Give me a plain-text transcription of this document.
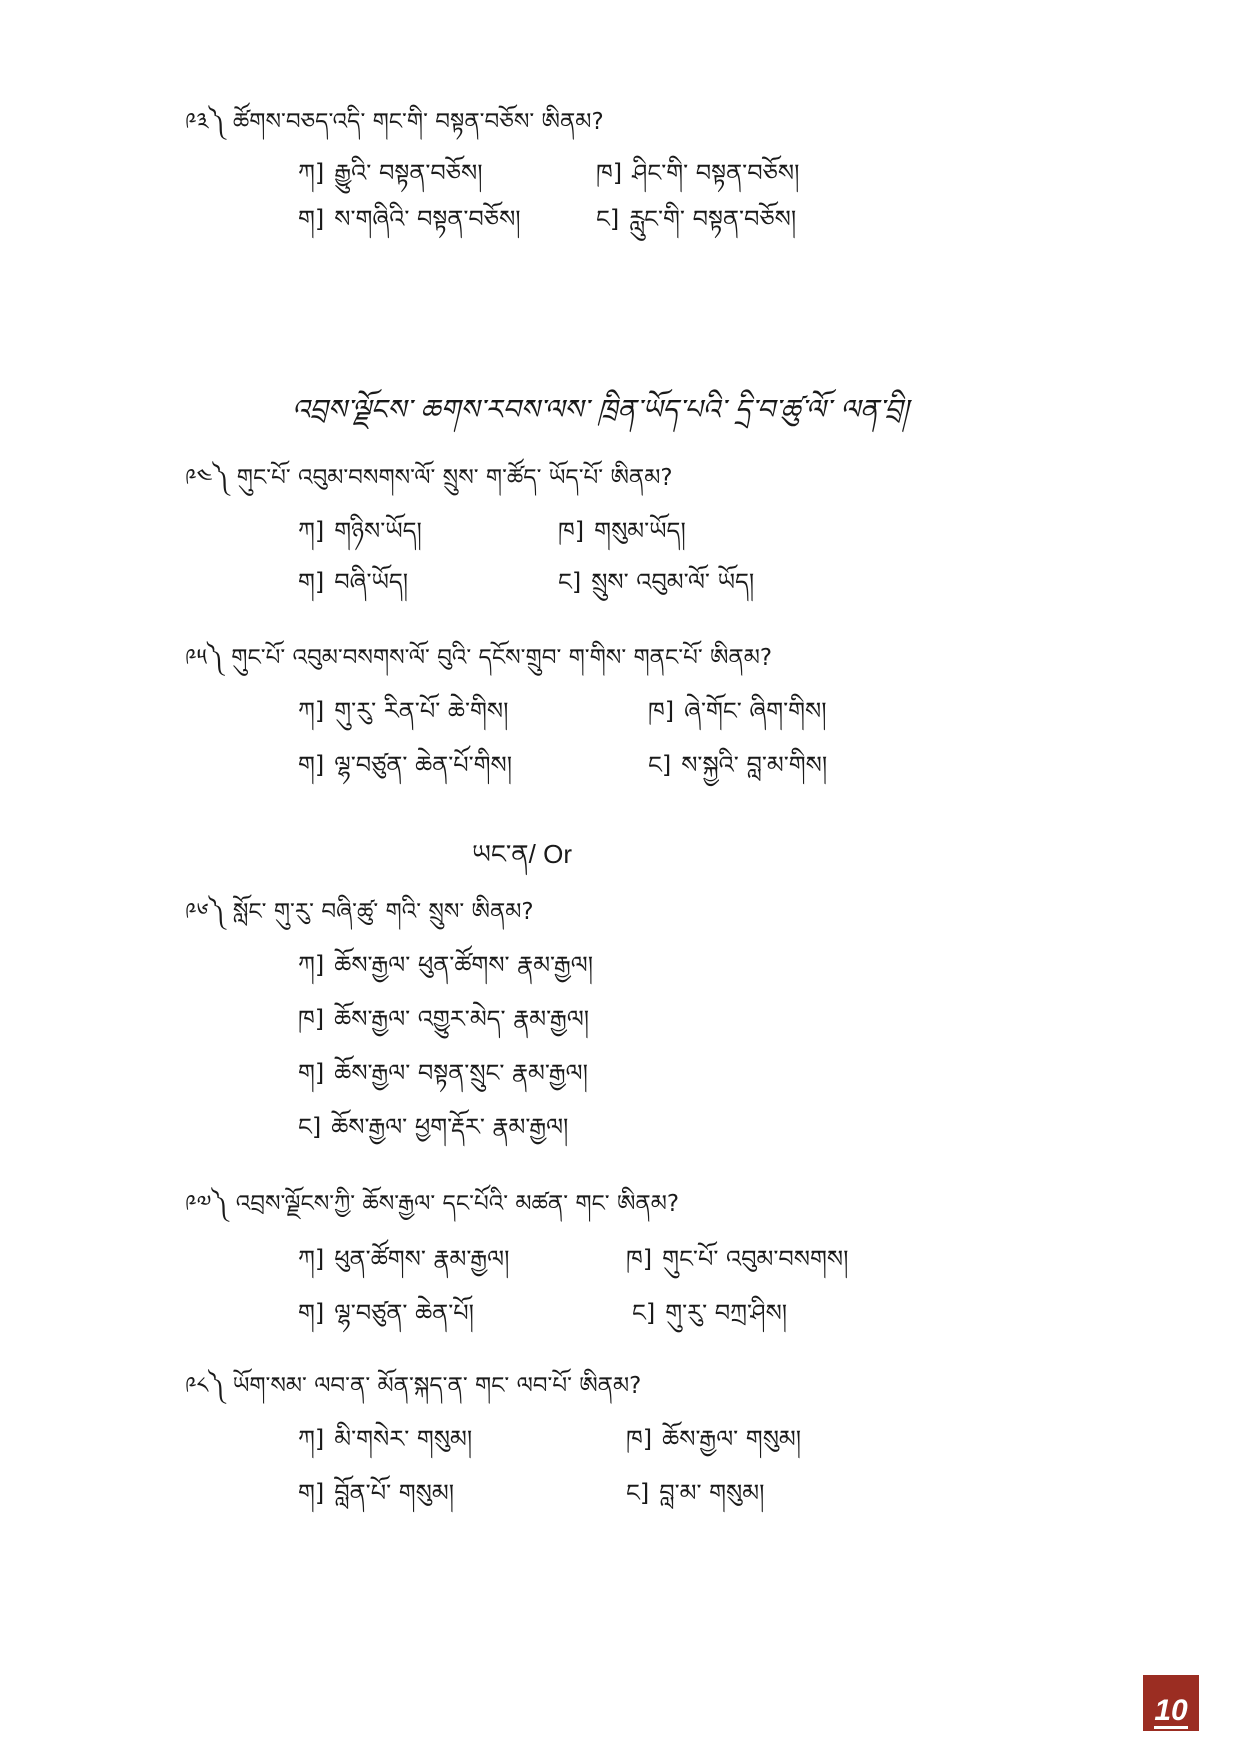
༩༣༽ ཚོགས་བཅད་འདི་ གང་གི་ བསྟན་བཅོས་ ཨིནམ?
ཀ] རྒྱུའི་ བསྟན་བཅོས།	ཁ] ཤིང་གི་ བསྟན་བཅོས།
ག] ས་གཞིའི་ བསྟན་བཅོས།	ང] རླུང་གི་ བསྟན་བཅོས།
འབྲས་ལྗོངས་ ཆགས་རབས་ལས་ ཁྲིན་ཡོད་པའི་ དྲི་བ་ཚུ་ལོ་ ལན་བྲི།
༩༤༽ གུང་པོ་ འབུམ་བསགས་ལོ་ སྲུས་ ག་ཚོད་ ཡོད་པོ་ ཨིནམ?
ཀ] གཉིས་ཡོད།	ཁ] གསུམ་ཡོད།
ག] བཞི་ཡོད།	ང] སྲུས་ འབུམ་ལོ་ ཡོད།
༩༥༽ གུང་པོ་ འབུམ་བསགས་ལོ་ བུའི་ དངོས་གྲུབ་ ག་གིས་ གནང་པོ་ ཨིནམ?
ཀ] གུ་རུ་ རིན་པོ་ ཆེ་གིས།	ཁ] ཞེ་གོང་ ཞིག་གིས།
ག] ལྷ་བཙུན་ ཆེན་པོ་གིས།	ང] ས་སྐྱའི་ བླ་མ་གིས།
ཡང་ན/ Or
༩༦༽ སློང་ གུ་རུ་ བཞི་ཚུ་ གའི་ སྲུས་ ཨིནམ?
ཀ] ཆོས་རྒྱལ་ ཕུན་ཚོགས་ རྣམ་རྒྱལ།
ཁ] ཆོས་རྒྱལ་ འགྱུར་མེད་ རྣམ་རྒྱལ།
ག] ཆོས་རྒྱལ་ བསྟན་སྲུང་ རྣམ་རྒྱལ།
ང] ཆོས་རྒྱལ་ ཕྱག་རྡོར་ རྣམ་རྒྱལ།
༩༧༽ འབྲས་ལྗོངས་ཀྱི་ ཆོས་རྒྱལ་ དང་པོའི་ མཚན་ གང་ ཨིནམ?
ཀ] ཕུན་ཚོགས་ རྣམ་རྒྱལ།	ཁ] གུང་པོ་ འབུམ་བསགས།
ག] ལྷ་བཙུན་ ཆེན་པོ།	ང] གུ་རུ་ བཀྲ་ཤིས།
༩༨༽ ཡོག་སམ་ ལབ་ན་ མོན་སྐད་ན་ གང་ ལབ་པོ་ ཨིནམ?
ཀ] མི་གསེར་ གསུམ།	ཁ] ཆོས་རྒྱལ་ གསུམ།
ག] བློན་པོ་ གསུམ།	ང] བླ་མ་ གསུམ།
10
